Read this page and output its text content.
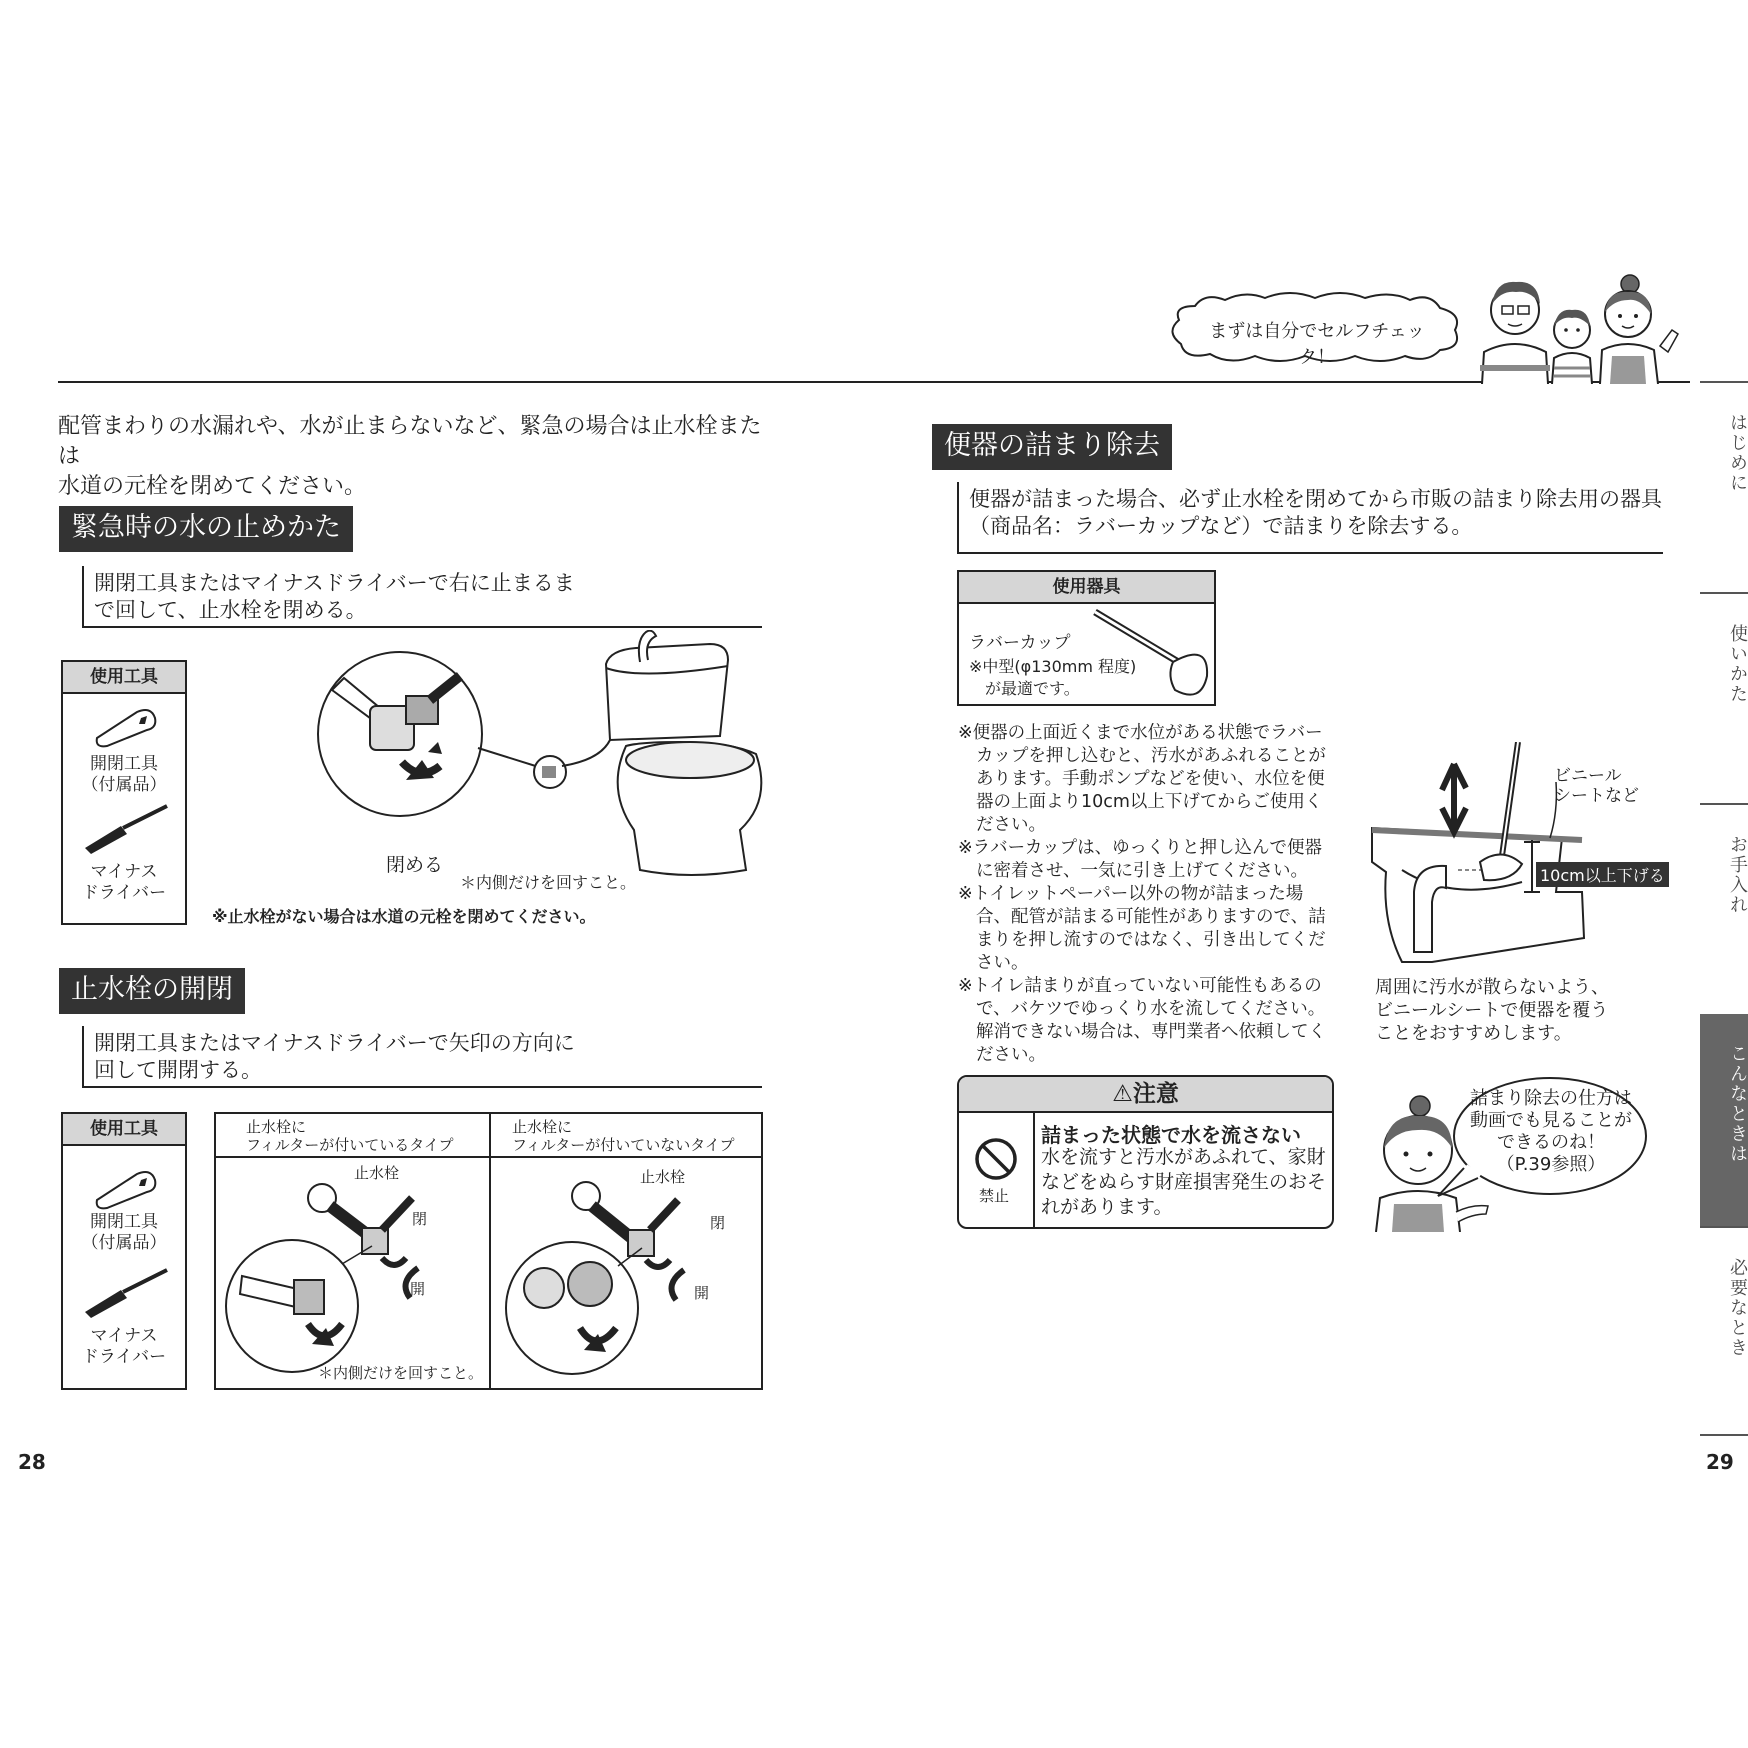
まずは自分でセルフチェック！
配管まわりの水漏れや、水が止まらないなど、緊急の場合は止水栓または
水道の元栓を閉めてください。
緊急時の水の止めかた
開閉工具またはマイナスドライバーで右に止まるま
で回して、止水栓を閉める。
使用工具
開閉工具
（付属品）
マイナス
ドライバー
閉める
＊内側だけを回すこと。
※止水栓がない場合は水道の元栓を閉めてください。
止水栓の開閉
開閉工具またはマイナスドライバーで矢印の方向に
回して開閉する。
使用工具
開閉工具
（付属品）
マイナス
ドライバー
止水栓に
フィルターが付いているタイプ
止水栓に
フィルターが付いていないタイプ
止水栓
閉
開
止水栓
閉
開
＊内側だけを回すこと。
便器の詰まり除去
便器が詰まった場合、必ず止水栓を閉めてから市販の詰まり除去用の器具
（商品名：ラバーカップなど）で詰まりを除去する。
使用器具
ラバーカップ
※中型(φ130mm 程度)
が最適です。

※便器の上面近くまで水位がある状態でラバーカップを押し込むと、汚水があふれることがあります。手動ポンプなどを使い、水位を便器の上面より10cm以上下げてからご使用ください。

※ラバーカップは、ゆっくりと押し込んで便器に密着させ、一気に引き上げてください。

※トイレットペーパー以外の物が詰まった場合、配管が詰まる可能性がありますので、詰まりを押し流すのではなく、引き出してください。

※トイレ詰まりが直っていない可能性もあるので、バケツでゆっくり水を流してください。解消できない場合は、専門業者へ依頼してください。

ビニール
シートなど
10cm以上下げる
周囲に汚水が散らないよう、
ビニールシートで便器を覆う
ことをおすすめします。
⚠注意
禁止
詰まった状態で水を流さない
水を流すと汚水があふれて、家財などをぬらす財産損害発生のおそれがあります。
詰まり除去の仕方は
動画でも見ることが
できるのね！
（P.39参照）
はじめに
使いかた
お手入れ
こんなときは
必要なとき
28	29
